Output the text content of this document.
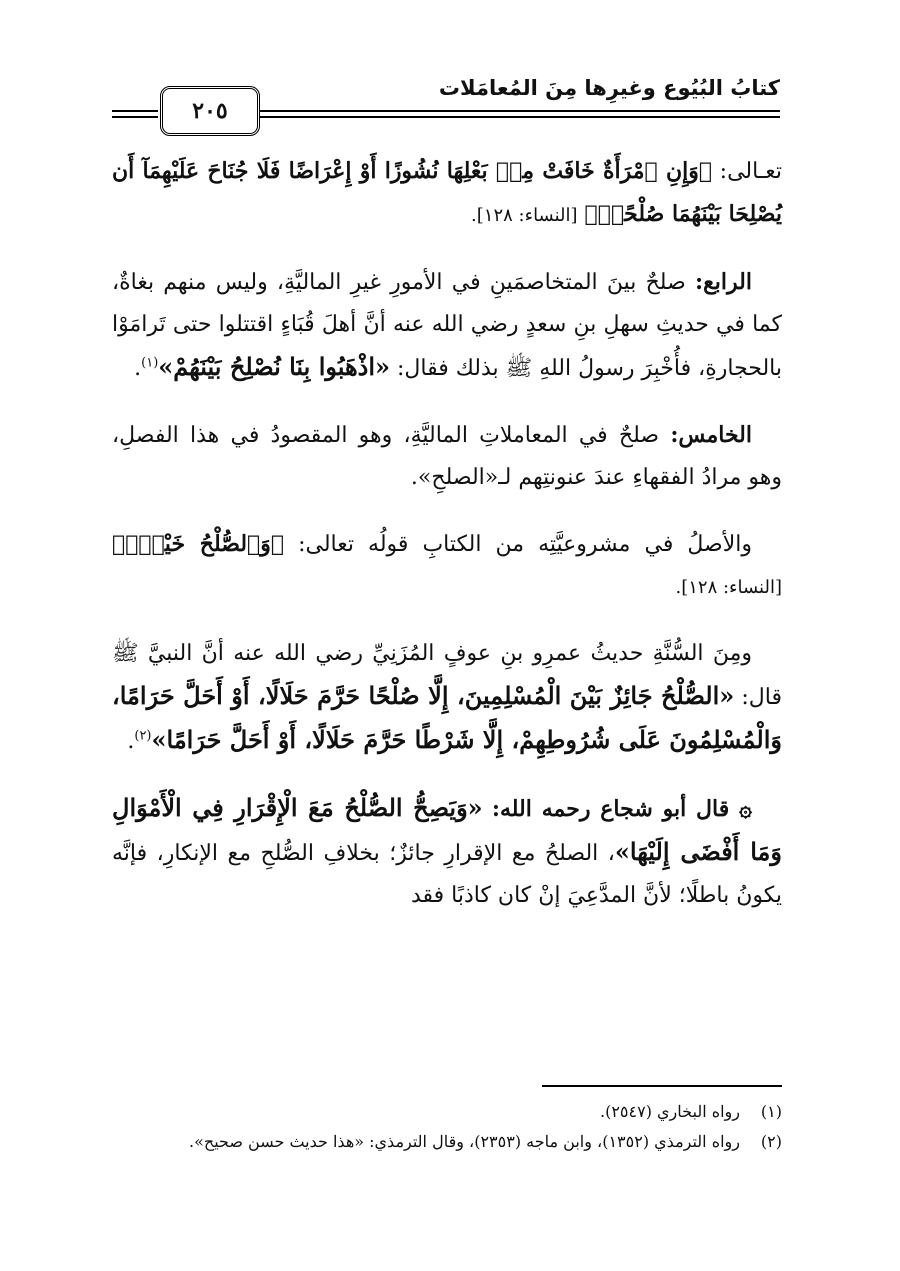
كتابُ البُيُوع وغيرِها مِنَ المُعامَلات
٢٠٥

تعـالى: ﴿وَإِنِ ٱمْرَأَةٌ خَافَتْ مِنۢ بَعْلِهَا نُشُوزًا أَوْ إِعْرَاضًا فَلَا جُنَاحَ عَلَيْهِمَآ أَن يُصْلِحَا بَيْنَهُمَا صُلْحًاۚ﴾ [النساء: ١٢٨].

الرابع: صلحٌ بينَ المتخاصمَينِ في الأمورِ غيرِ الماليَّةِ، وليس منهم بغاةٌ، كما في حديثِ سهلِ بنِ سعدٍ رضي الله عنه أنَّ أهلَ قُبَاءٍ اقتتلوا حتى تَرامَوْا بالحجارةِ، فأُخْبِرَ رسولُ اللهِ ﷺ بذلك فقال: «اذْهَبُوا بِنَا نُصْلِحُ بَيْنَهُمْ»$^{(١)}$.

الخامس: صلحٌ في المعاملاتِ الماليَّةِ، وهو المقصودُ في هذا الفصلِ، وهو مرادُ الفقهاءِ عندَ عنونتِهم لـ«الصلحِ».

والأصلُ في مشروعيَّتِه من الكتابِ قولُه تعالى: ﴿وَٱلصُّلْحُ خَيْرٌۗ﴾ [النساء: ١٢٨].

ومِنَ السُّنَّةِ حديثُ عمرِو بنِ عوفٍ المُزَنِيِّ رضي الله عنه أنَّ النبيَّ ﷺ قال: «الصُّلْحُ جَائِزٌ بَيْنَ الْمُسْلِمِينَ، إِلَّا صُلْحًا حَرَّمَ حَلَالًا، أَوْ أَحَلَّ حَرَامًا، وَالْمُسْلِمُونَ عَلَى شُرُوطِهِمْ، إِلَّا شَرْطًا حَرَّمَ حَلَالًا، أَوْ أَحَلَّ حَرَامًا»$^{(٢)}$.

۞ قال أبو شجاع رحمه الله: «وَيَصِحُّ الصُّلْحُ مَعَ الْإِقْرَارِ فِي الْأَمْوَالِ وَمَا أَفْضَى إِلَيْهَا»، الصلحُ مع الإقرارِ جائزٌ؛ بخلافِ الصُّلحِ مع الإنكارِ، فإنَّه يكونُ باطلًا؛ لأنَّ المدَّعِيَ إنْ كان كاذبًا فقد

(١)
رواه البخاري (٢٥٤٧).
(٢)
رواه الترمذي (١٣٥٢)، وابن ماجه (٢٣٥٣)، وقال الترمذي: «هذا حديث حسن صحيح».
